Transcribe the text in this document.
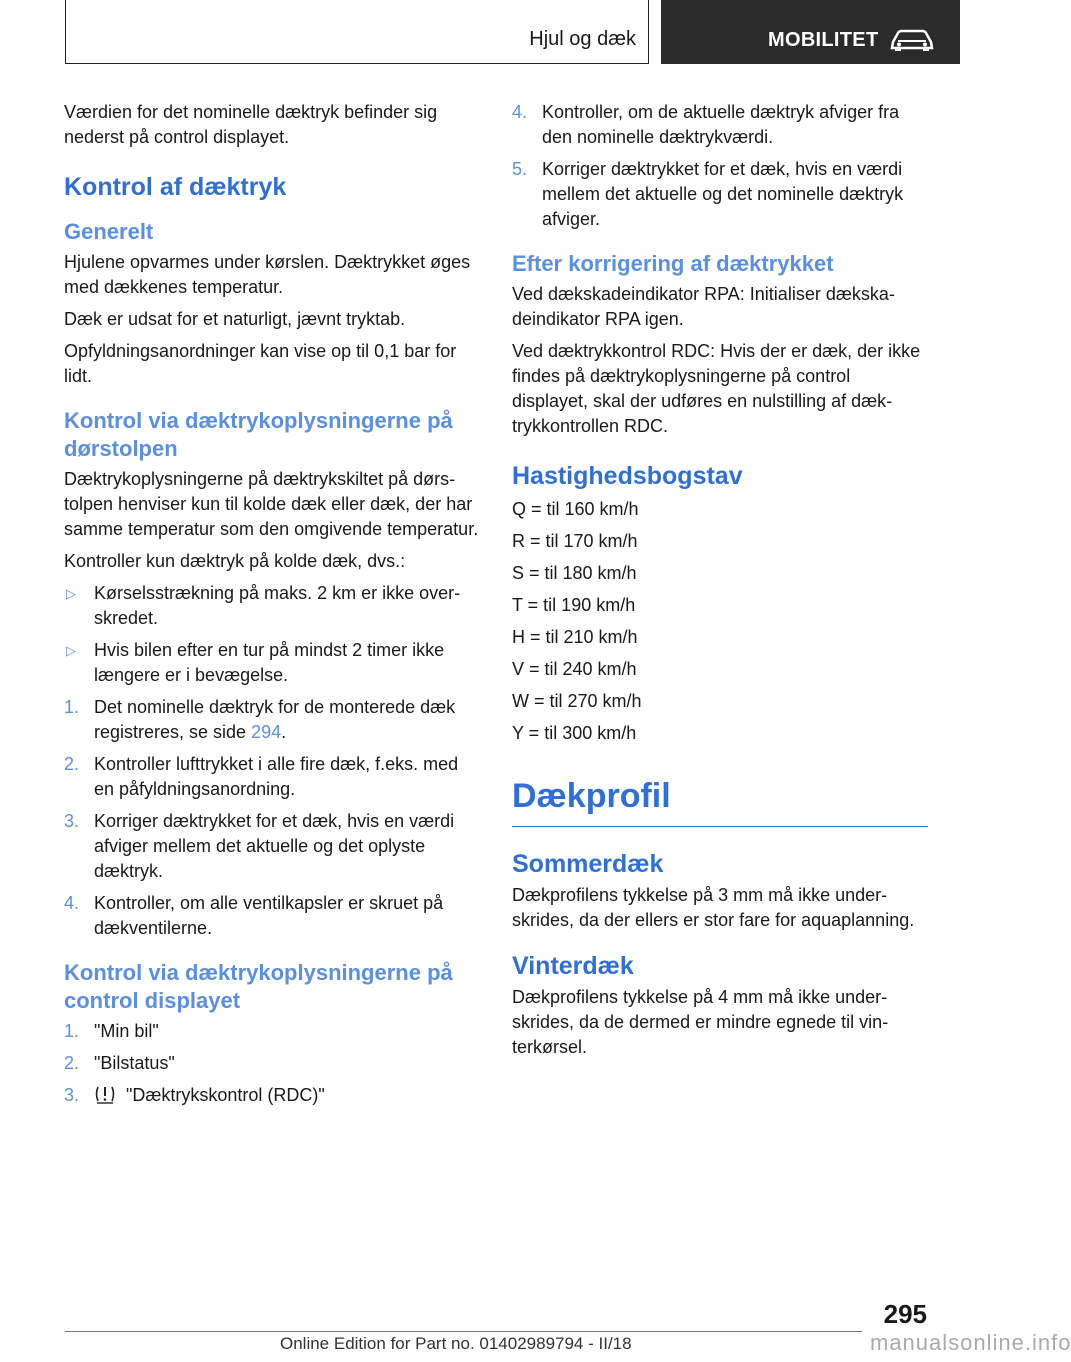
Hjul og dæk	MOBILITET

Værdien for det nominelle dæktryk befinder sig nederst på control displayet.

Kontrol af dæktryk
Generelt

Hjulene opvarmes under kørslen. Dæktrykket øges med dækkenes temperatur.

Dæk er udsat for et naturligt, jævnt tryktab.

Opfyldningsanordninger kan vise op til 0,1 bar for lidt.

Kontrol via dæktrykoplysningerne på dørstolpen

Dæktrykoplysningerne på dæktrykskiltet på dørstolpen henviser kun til kolde dæk eller dæk, der har samme temperatur som den omgivende temperatur.

Kontroller kun dæktryk på kolde dæk, dvs.:

▷ Kørselsstrækning på maks. 2 km er ikke overskredet.
▷ Hvis bilen efter en tur på mindst 2 timer ikke længere er i bevægelse.
1. Det nominelle dæktryk for de monterede dæk registreres, se side 294.
2. Kontroller lufttrykket i alle fire dæk, f.eks. med en påfyldningsanordning.
3. Korriger dæktrykket for et dæk, hvis en værdi afviger mellem det aktuelle og det oplyste dæktryk.
4. Kontroller, om alle ventilkapsler er skruet på dækventilerne.
Kontrol via dæktrykoplysningerne på control displayet
1. "Min bil"
2. "Bilstatus"
3.	"Dæktrykskontrol (RDC)"
4. Kontroller, om de aktuelle dæktryk afviger fra den nominelle dæktrykværdi.
5. Korriger dæktrykket for et dæk, hvis en værdi mellem det aktuelle og det nominelle dæktryk afviger.
Efter korrigering af dæktrykket

Ved dækskadeindikator RPA: Initialiser dækskadeindikator RPA igen.

Ved dæktrykkontrol RDC: Hvis der er dæk, der ikke findes på dæktrykoplysningerne på control displayet, skal der udføres en nulstilling af dæktrykkontrollen RDC.

Hastighedsbogstav
Q = til 160 km/h
R = til 170 km/h
S = til 180 km/h
T = til 190 km/h
H = til 210 km/h
V = til 240 km/h
W = til 270 km/h
Y = til 300 km/h
Dækprofil
Sommerdæk

Dækprofilens tykkelse på 3 mm må ikke underskrides, da der ellers er stor fare for aquaplanning.

Vinterdæk

Dækprofilens tykkelse på 4 mm må ikke underskrides, da de dermed er mindre egnede til vinterkørsel.

295
Online Edition for Part no. 01402989794 - II/18	manualsonline.info
